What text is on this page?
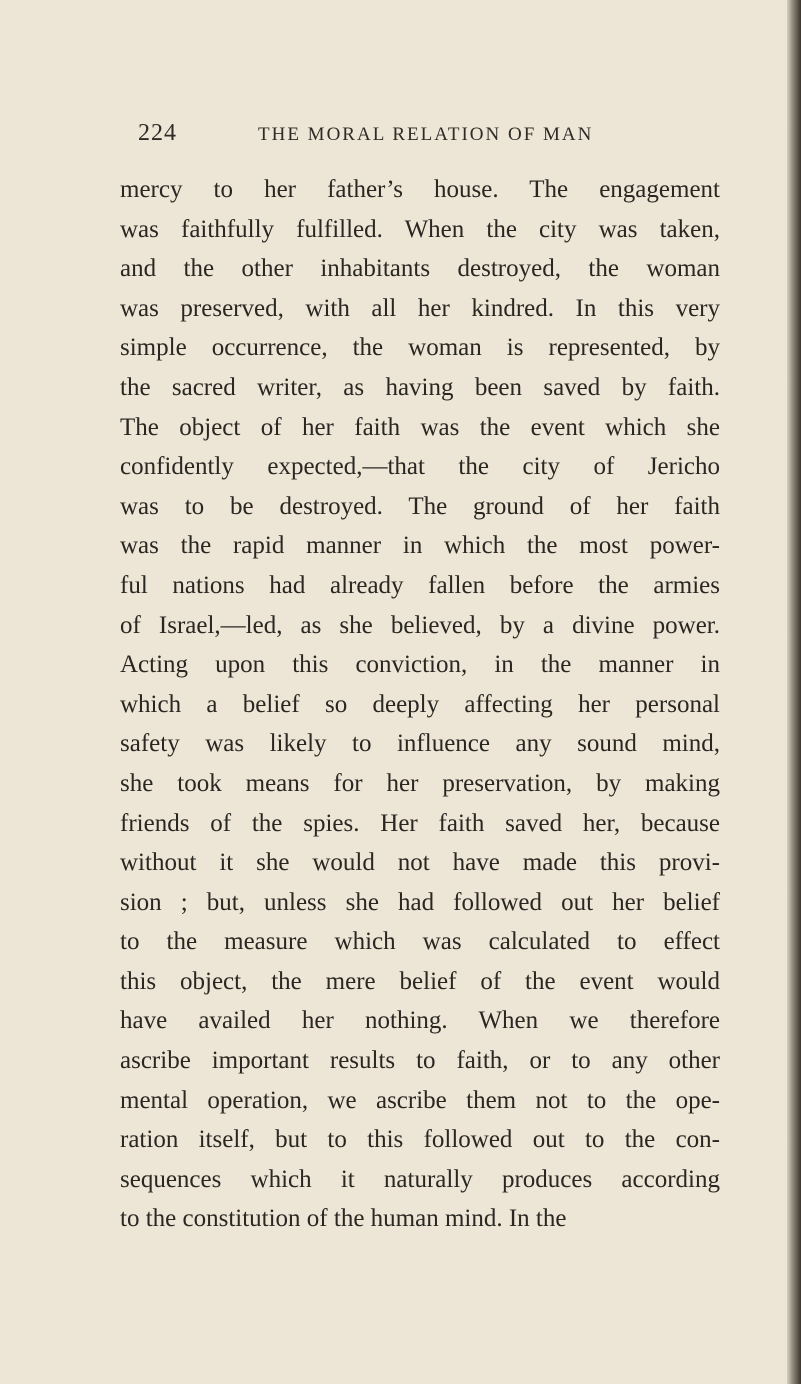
224	THE MORAL RELATION OF MAN
mercy to her father’s house. The engagement
was faithfully fulfilled. When the city was taken,
and the other inhabitants destroyed, the woman
was preserved, with all her kindred. In this very
simple occurrence, the woman is represented, by
the sacred writer, as having been saved by faith.
The object of her faith was the event which she
confidently expected,—that the city of Jericho
was to be destroyed. The ground of her faith
was the rapid manner in which the most power-
ful nations had already fallen before the armies
of Israel,—led, as she believed, by a divine power.
Acting upon this conviction, in the manner in
which a belief so deeply affecting her personal
safety was likely to influence any sound mind,
she took means for her preservation, by making
friends of the spies. Her faith saved her, because
without it she would not have made this provi-
sion ; but, unless she had followed out her belief
to the measure which was calculated to effect
this object, the mere belief of the event would
have availed her nothing. When we therefore
ascribe important results to faith, or to any other
mental operation, we ascribe them not to the ope-
ration itself, but to this followed out to the con-
sequences which it naturally produces according
to the constitution of the human mind. In the
